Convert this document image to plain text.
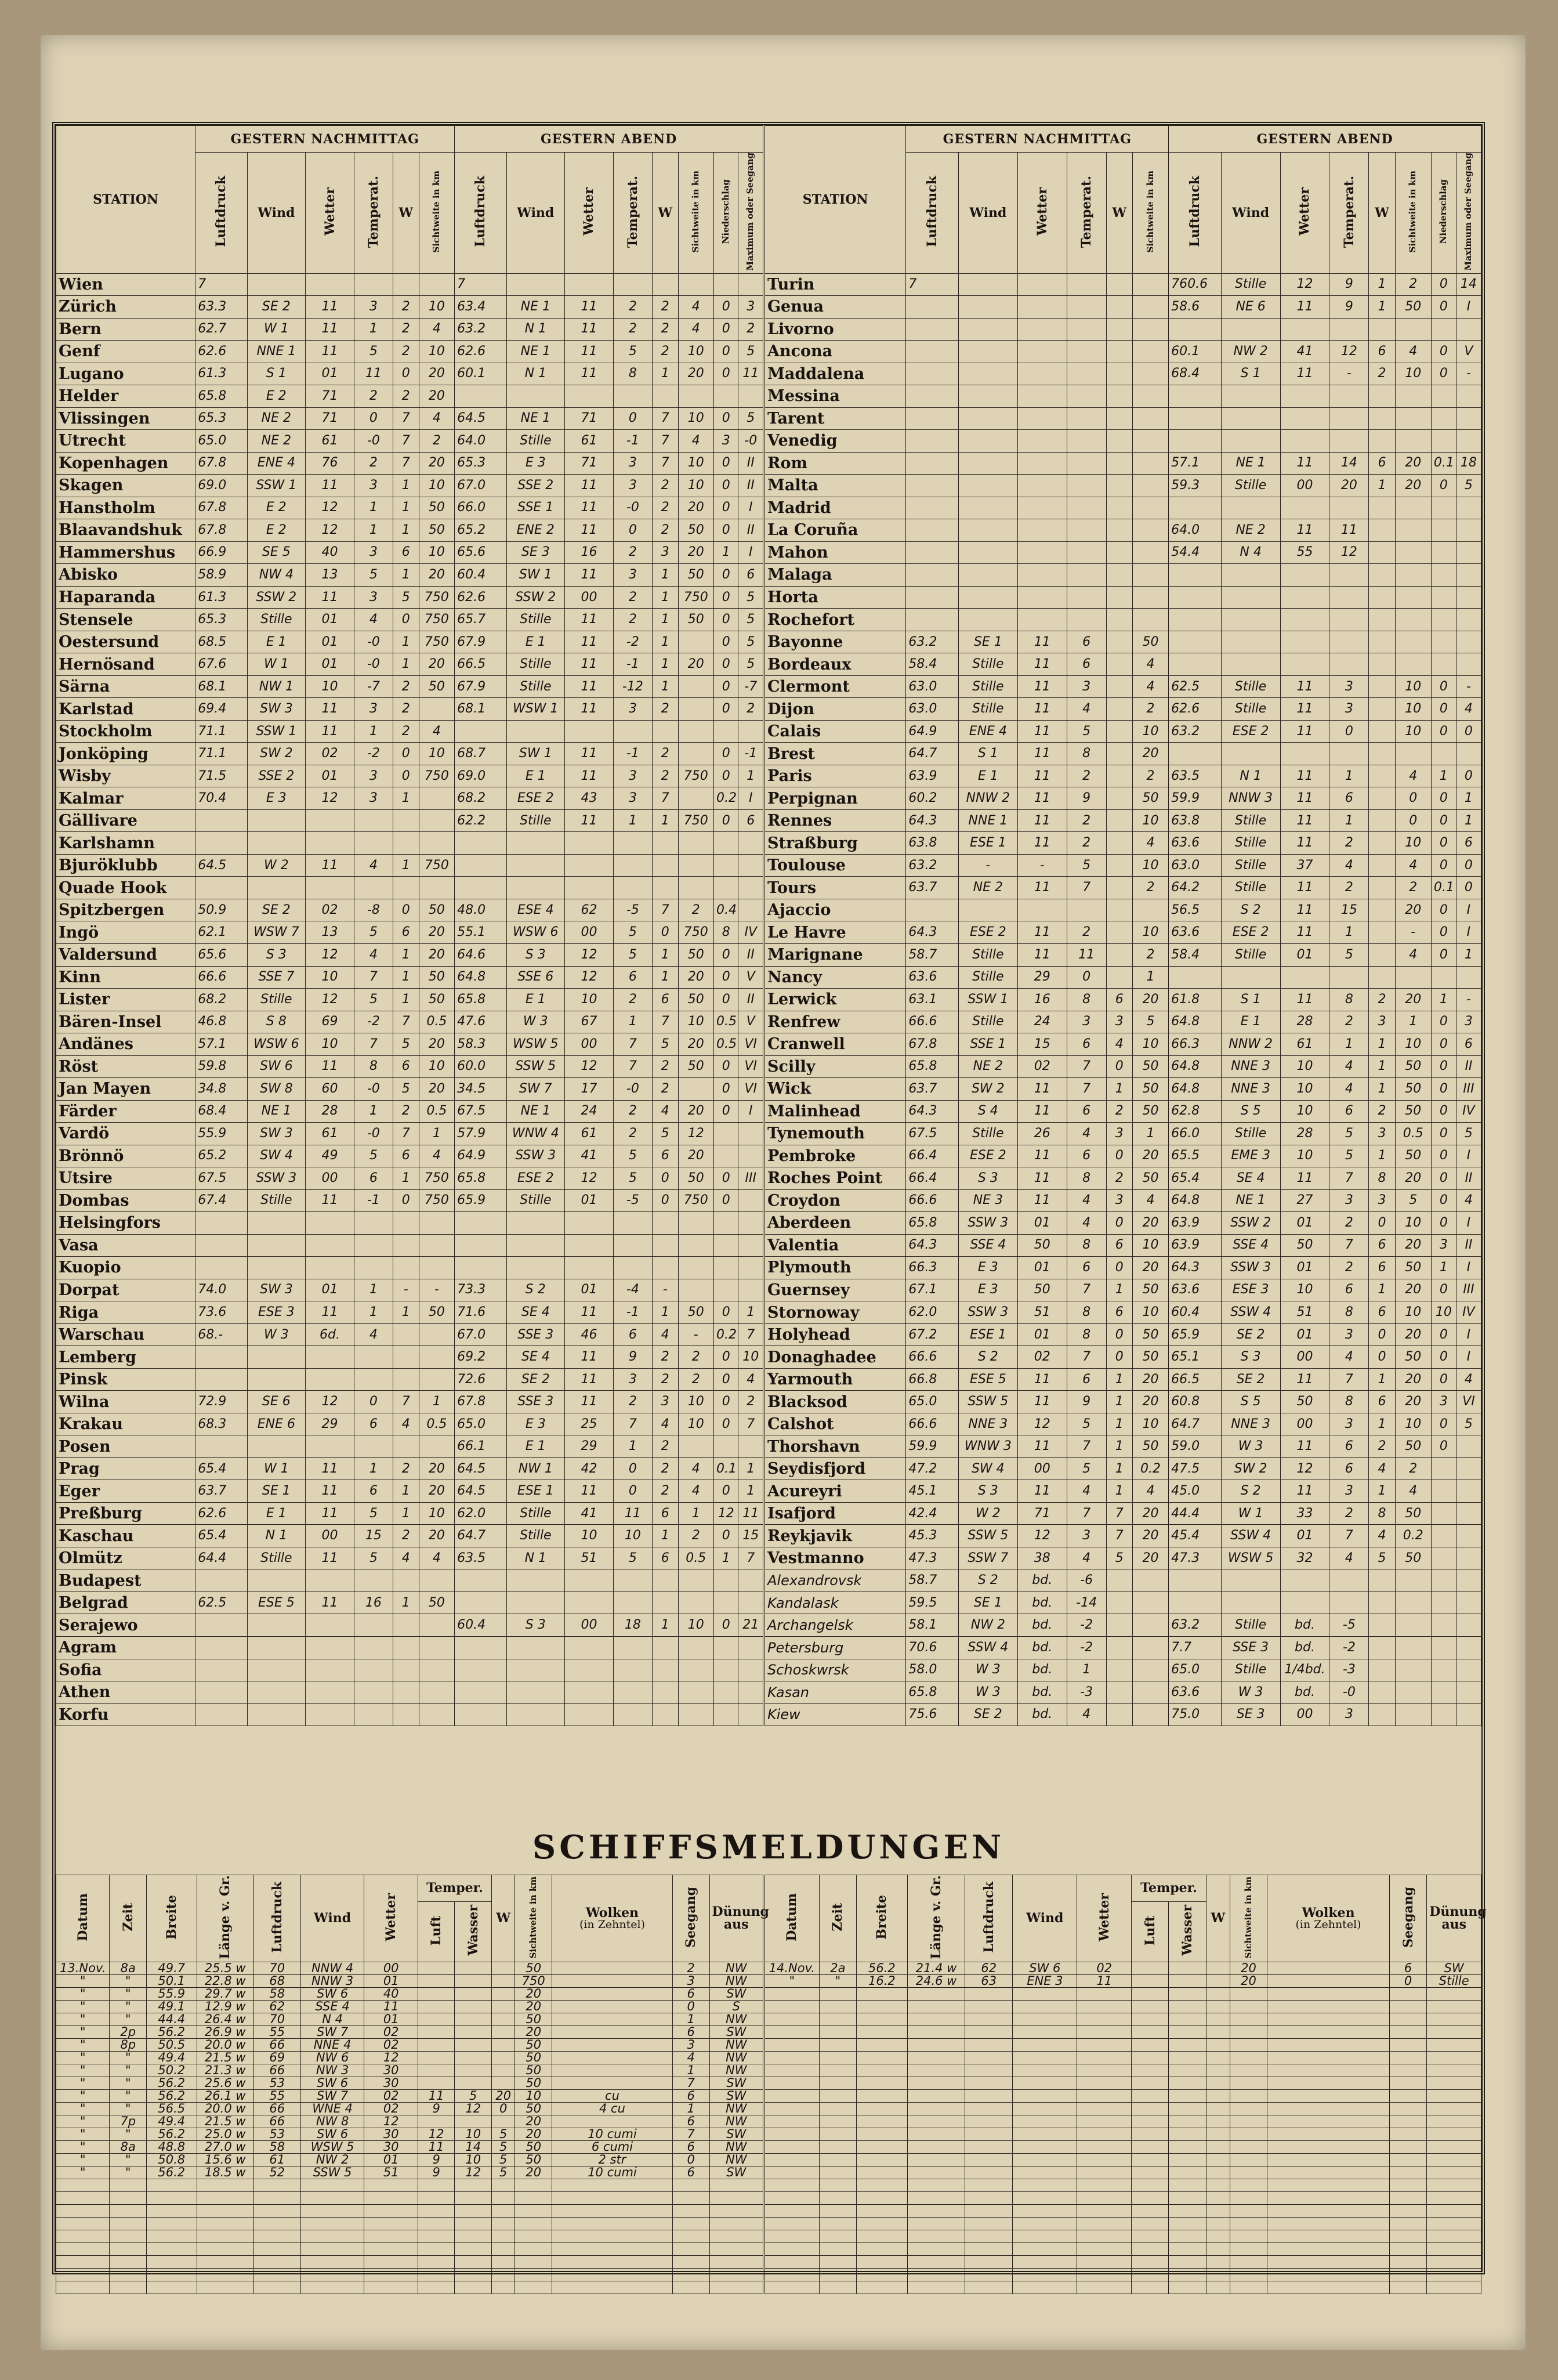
STATION	GESTERN NACHMITTAG						GESTERN ABEND							
	Luftdruck	Wind	Wetter	Temperat.	W	Sichtweite in km	Luftdruck	Wind	Wetter	Temperat.	W	Sichtweite in km	Niederschlag	Maximum oder Seegang
Wien	7						7							
Zürich	63.3	SE 2	11	3	2	10	63.4	NE 1	11	2	2	4	0	3
Bern	62.7	W 1	11	1	2	4	63.2	N 1	11	2	2	4	0	2
Genf	62.6	NNE 1	11	5	2	10	62.6	NE 1	11	5	2	10	0	5
Lugano	61.3	S 1	01	11	0	20	60.1	N 1	11	8	1	20	0	11
Helder	65.8	E 2	71	2	2	20								
Vlissingen	65.3	NE 2	71	0	7	4	64.5	NE 1	71	0	7	10	0	5
Utrecht	65.0	NE 2	61	-0	7	2	64.0	Stille	61	-1	7	4	3	-0
Kopenhagen	67.8	ENE 4	76	2	7	20	65.3	E 3	71	3	7	10	0	II
Skagen	69.0	SSW 1	11	3	1	10	67.0	SSE 2	11	3	2	10	0	II
Hanstholm	67.8	E 2	12	1	1	50	66.0	SSE 1	11	-0	2	20	0	I
Blaavandshuk	67.8	E 2	12	1	1	50	65.2	ENE 2	11	0	2	50	0	II
Hammershus	66.9	SE 5	40	3	6	10	65.6	SE 3	16	2	3	20	1	I
Abisko	58.9	NW 4	13	5	1	20	60.4	SW 1	11	3	1	50	0	6
Haparanda	61.3	SSW 2	11	3	5	750	62.6	SSW 2	00	2	1	750	0	5
Stensele	65.3	Stille	01	4	0	750	65.7	Stille	11	2	1	50	0	5
Oestersund	68.5	E 1	01	-0	1	750	67.9	E 1	11	-2	1		0	5
Hernösand	67.6	W 1	01	-0	1	20	66.5	Stille	11	-1	1	20	0	5
Särna	68.1	NW 1	10	-7	2	50	67.9	Stille	11	-12	1		0	-7
Karlstad	69.4	SW 3	11	3	2		68.1	WSW 1	11	3	2		0	2
Stockholm	71.1	SSW 1	11	1	2	4								
Jonköping	71.1	SW 2	02	-2	0	10	68.7	SW 1	11	-1	2		0	-1
Wisby	71.5	SSE 2	01	3	0	750	69.0	E 1	11	3	2	750	0	1
Kalmar	70.4	E 3	12	3	1		68.2	ESE 2	43	3	7		0.2	I
Gällivare							62.2	Stille	11	1	1	750	0	6
Karlshamn														
Bjuröklubb	64.5	W 2	11	4	1	750								
Quade Hook														
Spitzbergen	50.9	SE 2	02	-8	0	50	48.0	ESE 4	62	-5	7	2	0.4	
Ingö	62.1	WSW 7	13	5	6	20	55.1	WSW 6	00	5	0	750	8	IV
Valdersund	65.6	S 3	12	4	1	20	64.6	S 3	12	5	1	50	0	II
Kinn	66.6	SSE 7	10	7	1	50	64.8	SSE 6	12	6	1	20	0	V
Lister	68.2	Stille	12	5	1	50	65.8	E 1	10	2	6	50	0	II
Bären-Insel	46.8	S 8	69	-2	7	0.5	47.6	W 3	67	1	7	10	0.5	V
Andänes	57.1	WSW 6	10	7	5	20	58.3	WSW 5	00	7	5	20	0.5	VI
Röst	59.8	SW 6	11	8	6	10	60.0	SSW 5	12	7	2	50	0	VI
Jan Mayen	34.8	SW 8	60	-0	5	20	34.5	SW 7	17	-0	2		0	VI
Färder	68.4	NE 1	28	1	2	0.5	67.5	NE 1	24	2	4	20	0	I
Vardö	55.9	SW 3	61	-0	7	1	57.9	WNW 4	61	2	5	12		
Brönnö	65.2	SW 4	49	5	6	4	64.9	SSW 3	41	5	6	20		
Utsire	67.5	SSW 3	00	6	1	750	65.8	ESE 2	12	5	0	50	0	III
Dombas	67.4	Stille	11	-1	0	750	65.9	Stille	01	-5	0	750	0	
Helsingfors														
Vasa														
Kuopio														
Dorpat	74.0	SW 3	01	1	-	-	73.3	S 2	01	-4	-			
Riga	73.6	ESE 3	11	1	1	50	71.6	SE 4	11	-1	1	50	0	1
Warschau	68.-	W 3	6d.	4			67.0	SSE 3	46	6	4	-	0.2	7
Lemberg							69.2	SE 4	11	9	2	2	0	10
Pinsk							72.6	SE 2	11	3	2	2	0	4
Wilna	72.9	SE 6	12	0	7	1	67.8	SSE 3	11	2	3	10	0	2
Krakau	68.3	ENE 6	29	6	4	0.5	65.0	E 3	25	7	4	10	0	7
Posen							66.1	E 1	29	1	2			
Prag	65.4	W 1	11	1	2	20	64.5	NW 1	42	0	2	4	0.1	1
Eger	63.7	SE 1	11	6	1	20	64.5	ESE 1	11	0	2	4	0	1
Preßburg	62.6	E 1	11	5	1	10	62.0	Stille	41	11	6	1	12	11
Kaschau	65.4	N 1	00	15	2	20	64.7	Stille	10	10	1	2	0	15
Olmütz	64.4	Stille	11	5	4	4	63.5	N 1	51	5	6	0.5	1	7
Budapest														
Belgrad	62.5	ESE 5	11	16	1	50								
Serajewo							60.4	S 3	00	18	1	10	0	21
Agram														
Sofia														
Athen														
Korfu														
STATION	GESTERN NACHMITTAG						GESTERN ABEND							
	Luftdruck	Wind	Wetter	Temperat.	W	Sichtweite in km	Luftdruck	Wind	Wetter	Temperat.	W	Sichtweite in km	Niederschlag	Maximum oder Seegang
Turin	7						760.6	Stille	12	9	1	2	0	14
Genua							58.6	NE 6	11	9	1	50	0	I
Livorno														
Ancona							60.1	NW 2	41	12	6	4	0	V
Maddalena							68.4	S 1	11	-	2	10	0	-
Messina														
Tarent														
Venedig														
Rom							57.1	NE 1	11	14	6	20	0.1	18
Malta							59.3	Stille	00	20	1	20	0	5
Madrid														
La Coruña							64.0	NE 2	11	11				
Mahon							54.4	N 4	55	12				
Malaga														
Horta														
Rochefort														
Bayonne	63.2	SE 1	11	6		50								
Bordeaux	58.4	Stille	11	6		4								
Clermont	63.0	Stille	11	3		4	62.5	Stille	11	3		10	0	-
Dijon	63.0	Stille	11	4		2	62.6	Stille	11	3		10	0	4
Calais	64.9	ENE 4	11	5		10	63.2	ESE 2	11	0		10	0	0
Brest	64.7	S 1	11	8		20								
Paris	63.9	E 1	11	2		2	63.5	N 1	11	1		4	1	0
Perpignan	60.2	NNW 2	11	9		50	59.9	NNW 3	11	6		0	0	1
Rennes	64.3	NNE 1	11	2		10	63.8	Stille	11	1		0	0	1
Straßburg	63.8	ESE 1	11	2		4	63.6	Stille	11	2		10	0	6
Toulouse	63.2	-	-	5		10	63.0	Stille	37	4		4	0	0
Tours	63.7	NE 2	11	7		2	64.2	Stille	11	2		2	0.1	0
Ajaccio							56.5	S 2	11	15		20	0	I
Le Havre	64.3	ESE 2	11	2		10	63.6	ESE 2	11	1		-	0	I
Marignane	58.7	Stille	11	11		2	58.4	Stille	01	5		4	0	1
Nancy	63.6	Stille	29	0		1								
Lerwick	63.1	SSW 1	16	8	6	20	61.8	S 1	11	8	2	20	1	-
Renfrew	66.6	Stille	24	3	3	5	64.8	E 1	28	2	3	1	0	3
Cranwell	67.8	SSE 1	15	6	4	10	66.3	NNW 2	61	1	1	10	0	6
Scilly	65.8	NE 2	02	7	0	50	64.8	NNE 3	10	4	1	50	0	II
Wick	63.7	SW 2	11	7	1	50	64.8	NNE 3	10	4	1	50	0	III
Malinhead	64.3	S 4	11	6	2	50	62.8	S 5	10	6	2	50	0	IV
Tynemouth	67.5	Stille	26	4	3	1	66.0	Stille	28	5	3	0.5	0	5
Pembroke	66.4	ESE 2	11	6	0	20	65.5	EME 3	10	5	1	50	0	I
Roches Point	66.4	S 3	11	8	2	50	65.4	SE 4	11	7	8	20	0	II
Croydon	66.6	NE 3	11	4	3	4	64.8	NE 1	27	3	3	5	0	4
Aberdeen	65.8	SSW 3	01	4	0	20	63.9	SSW 2	01	2	0	10	0	I
Valentia	64.3	SSE 4	50	8	6	10	63.9	SSE 4	50	7	6	20	3	II
Plymouth	66.3	E 3	01	6	0	20	64.3	SSW 3	01	2	6	50	1	I
Guernsey	67.1	E 3	50	7	1	50	63.6	ESE 3	10	6	1	20	0	III
Stornoway	62.0	SSW 3	51	8	6	10	60.4	SSW 4	51	8	6	10	10	IV
Holyhead	67.2	ESE 1	01	8	0	50	65.9	SE 2	01	3	0	20	0	I
Donaghadee	66.6	S 2	02	7	0	50	65.1	S 3	00	4	0	50	0	I
Yarmouth	66.8	ESE 5	11	6	1	20	66.5	SE 2	11	7	1	20	0	4
Blacksod	65.0	SSW 5	11	9	1	20	60.8	S 5	50	8	6	20	3	VI
Calshot	66.6	NNE 3	12	5	1	10	64.7	NNE 3	00	3	1	10	0	5
Thorshavn	59.9	WNW 3	11	7	1	50	59.0	W 3	11	6	2	50	0	
Seydisfjord	47.2	SW 4	00	5	1	0.2	47.5	SW 2	12	6	4	2		
Acureyri	45.1	S 3	11	4	1	4	45.0	S 2	11	3	1	4		
Isafjord	42.4	W 2	71	7	7	20	44.4	W 1	33	2	8	50		
Reykjavik	45.3	SSW 5	12	3	7	20	45.4	SSW 4	01	7	4	0.2		
Vestmanno	47.3	SSW 7	38	4	5	20	47.3	WSW 5	32	4	5	50		
Alexandrovsk	58.7	S 2	bd.	-6										
Kandalask	59.5	SE 1	bd.	-14										
Archangelsk	58.1	NW 2	bd.	-2			63.2	Stille	bd.	-5				
Petersburg	70.6	SSW 4	bd.	-2			7.7	SSE 3	bd.	-2				
Schoskwrsk	58.0	W 3	bd.	1			65.0	Stille	1/4bd.	-3				
Kasan	65.8	W 3	bd.	-3			63.6	W 3	bd.	-0				
Kiew	75.6	SE 2	bd.	4			75.0	SE 3	00	3				
SCHIFFSMELDUNGEN
Datum	Zeit	Breite	Länge v. Gr.	Luftdruck	Wind	Wetter	Temper.		W	Sichtweite in km	Wolken
(in Zehntel)	Seegang	Dünung aus
							Luft	Wasser					
13.Nov.	8a	49.7	25.5 w	70	NNW 4	00				50		2	NW
"	"	50.1	22.8 w	68	NNW 3	01				750		3	NW
"	"	55.9	29.7 w	58	SW 6	40				20		6	SW
"	"	49.1	12.9 w	62	SSE 4	11				20		0	S
"	"	44.4	26.4 w	70	N 4	01				50		1	NW
"	2p	56.2	26.9 w	55	SW 7	02				20		6	SW
"	8p	50.5	20.0 w	66	NNE 4	02				50		3	NW
"	"	49.4	21.5 w	69	NW 6	12				50		4	NW
"	"	50.2	21.3 w	66	NW 3	30				50		1	NW
"	"	56.2	25.6 w	53	SW 6	30				50		7	SW
"	"	56.2	26.1 w	55	SW 7	02	11	5	20	10	cu	6	SW
"	"	56.5	20.0 w	66	WNE 4	02	9	12	0	50	4 cu	1	NW
"	7p	49.4	21.5 w	66	NW 8	12				20		6	NW
"	"	56.2	25.0 w	53	SW 6	30	12	10	5	20	10 cumi	7	SW
"	8a	48.8	27.0 w	58	WSW 5	30	11	14	5	50	6 cumi	6	NW
"	"	50.8	15.6 w	61	NW 2	01	9	10	5	50	2 str	0	NW
"	"	56.2	18.5 w	52	SSW 5	51	9	12	5	20	10 cumi	6	SW

Datum	Zeit	Breite	Länge v. Gr.	Luftdruck	Wind	Wetter	Temper.		W	Sichtweite in km	Wolken
(in Zehntel)	Seegang	Dünung aus
							Luft	Wasser					
14.Nov.	2a	56.2	21.4 w	62	SW 6	02				20		6	SW
"	"	16.2	24.6 w	63	ENE 3	11				20		0	Stille
